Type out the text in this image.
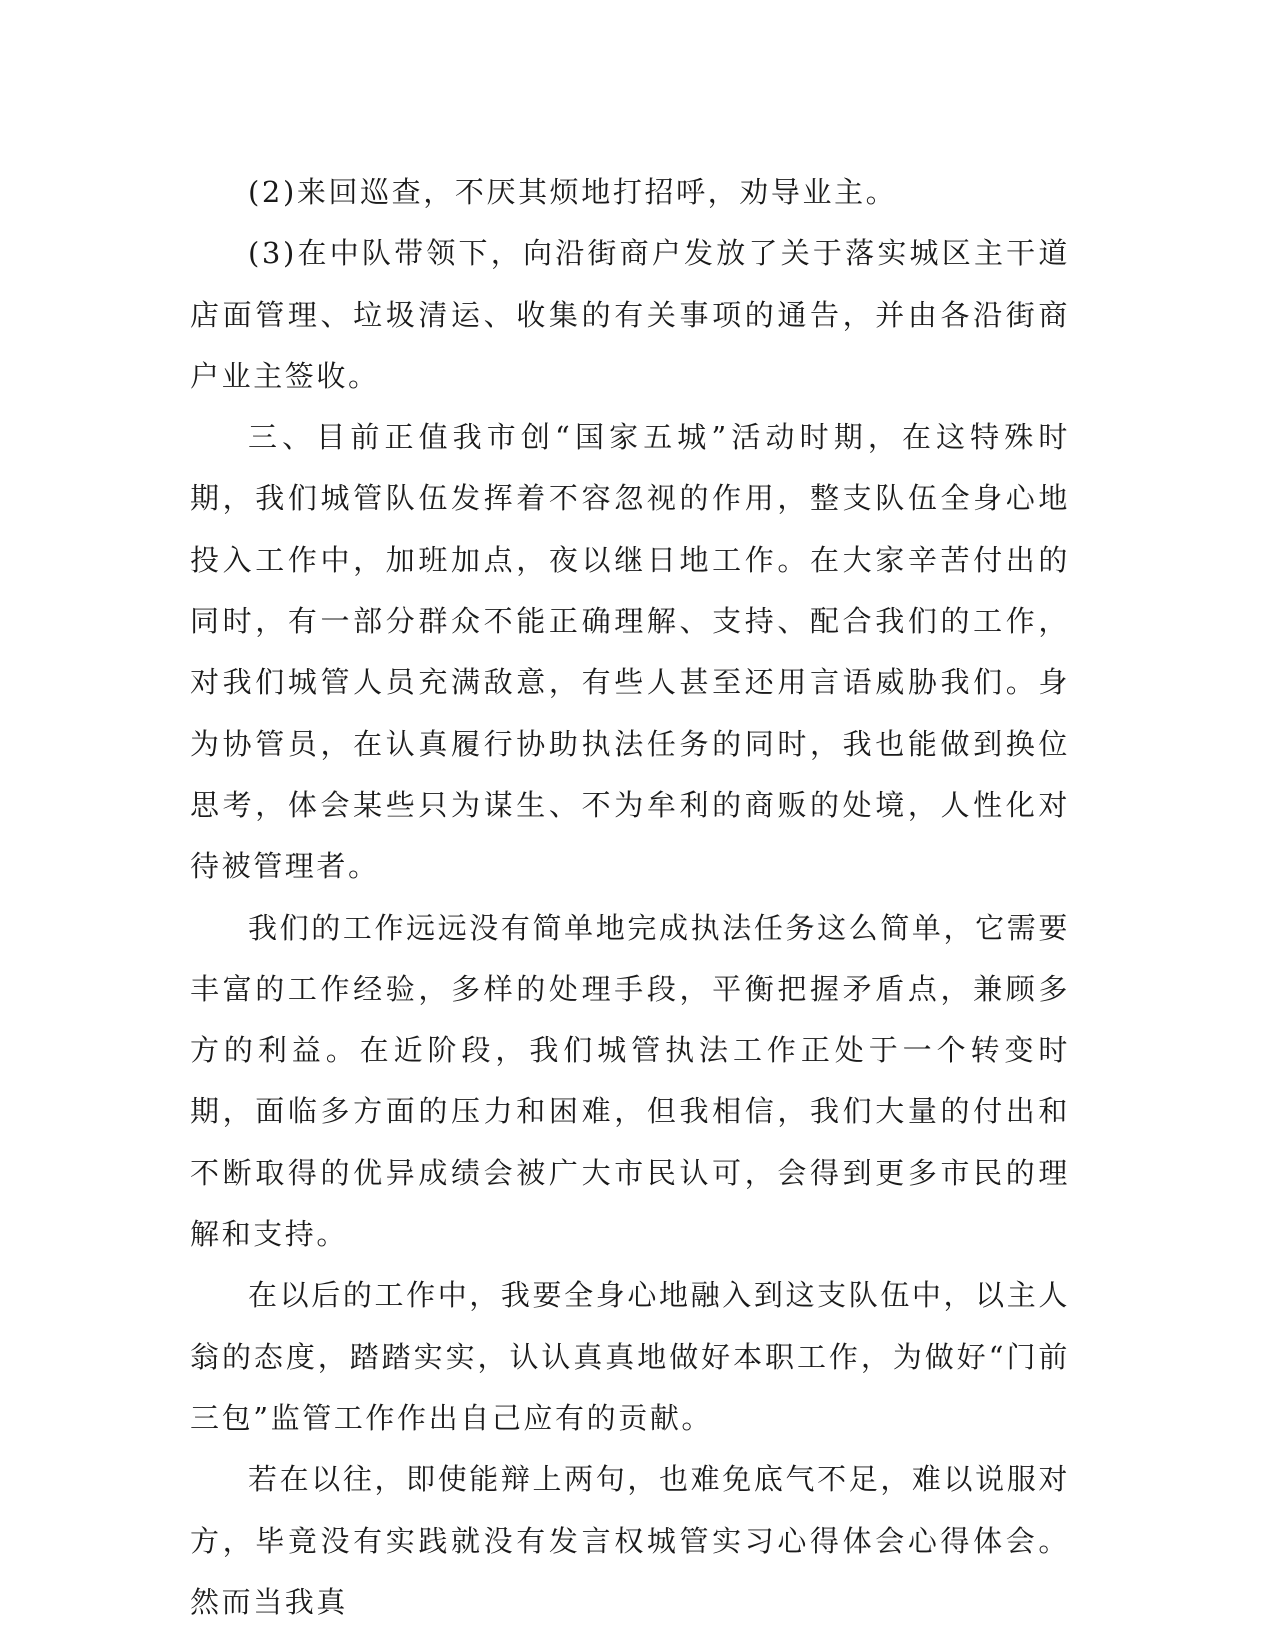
(2)来回巡查，不厌其烦地打招呼，劝导业主。

(3)在中队带领下，向沿街商户发放了关于落实城区主干道店面管理、垃圾清运、收集的有关事项的通告，并由各沿街商户业主签收。

三、目前正值我市创“国家五城”活动时期，在这特殊时期，我们城管队伍发挥着不容忽视的作用，整支队伍全身心地投入工作中，加班加点，夜以继日地工作。在大家辛苦付出的同时，有一部分群众不能正确理解、支持、配合我们的工作，对我们城管人员充满敌意，有些人甚至还用言语威胁我们。身为协管员，在认真履行协助执法任务的同时，我也能做到换位思考，体会某些只为谋生、不为牟利的商贩的处境，人性化对待被管理者。

我们的工作远远没有简单地完成执法任务这么简单，它需要丰富的工作经验，多样的处理手段，平衡把握矛盾点，兼顾多方的利益。在近阶段，我们城管执法工作正处于一个转变时期，面临多方面的压力和困难，但我相信，我们大量的付出和不断取得的优异成绩会被广大市民认可，会得到更多市民的理解和支持。

在以后的工作中，我要全身心地融入到这支队伍中，以主人翁的态度，踏踏实实，认认真真地做好本职工作，为做好“门前三包”监管工作作出自己应有的贡献。

若在以往，即使能辩上两句，也难免底气不足，难以说服对方，毕竟没有实践就没有发言权城管实习心得体会心得体会。然而当我真
